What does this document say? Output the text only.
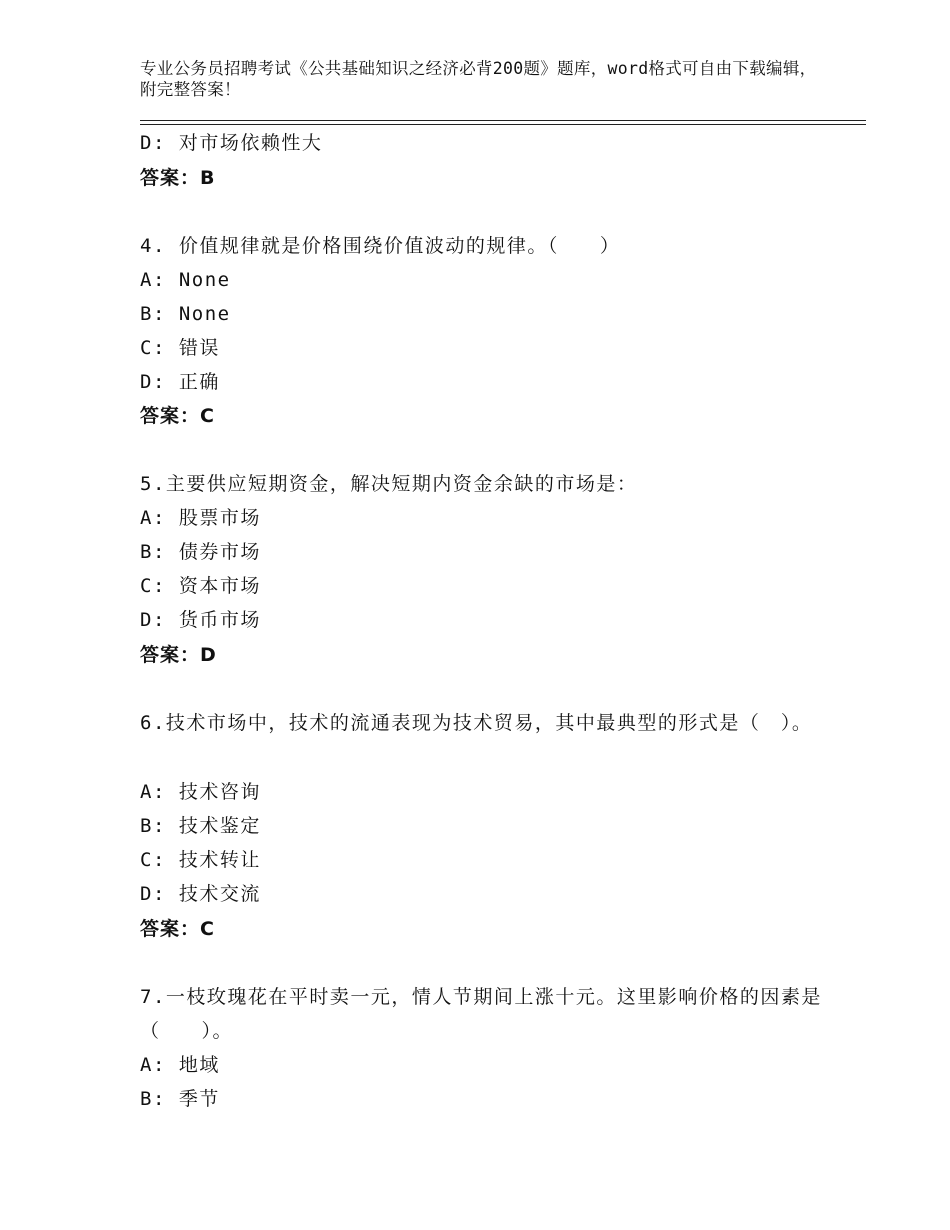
专业公务员招聘考试《公共基础知识之经济必背200题》题库，word格式可自由下载编辑，附完整答案！
D: 对市场依赖性大
答案：B
4. 价值规律就是价格围绕价值波动的规律。（　　）
A: None
B: None
C: 错误
D: 正确
答案：C
5.主要供应短期资金，解决短期内资金余缺的市场是：
A: 股票市场
B: 债券市场
C: 资本市场
D: 货币市场
答案：D
6.技术市场中，技术的流通表现为技术贸易，其中最典型的形式是（　）。
A: 技术咨询
B: 技术鉴定
C: 技术转让
D: 技术交流
答案：C
7.一枝玫瑰花在平时卖一元，情人节期间上涨十元。这里影响价格的因素是（　　）。
A: 地域
B: 季节
